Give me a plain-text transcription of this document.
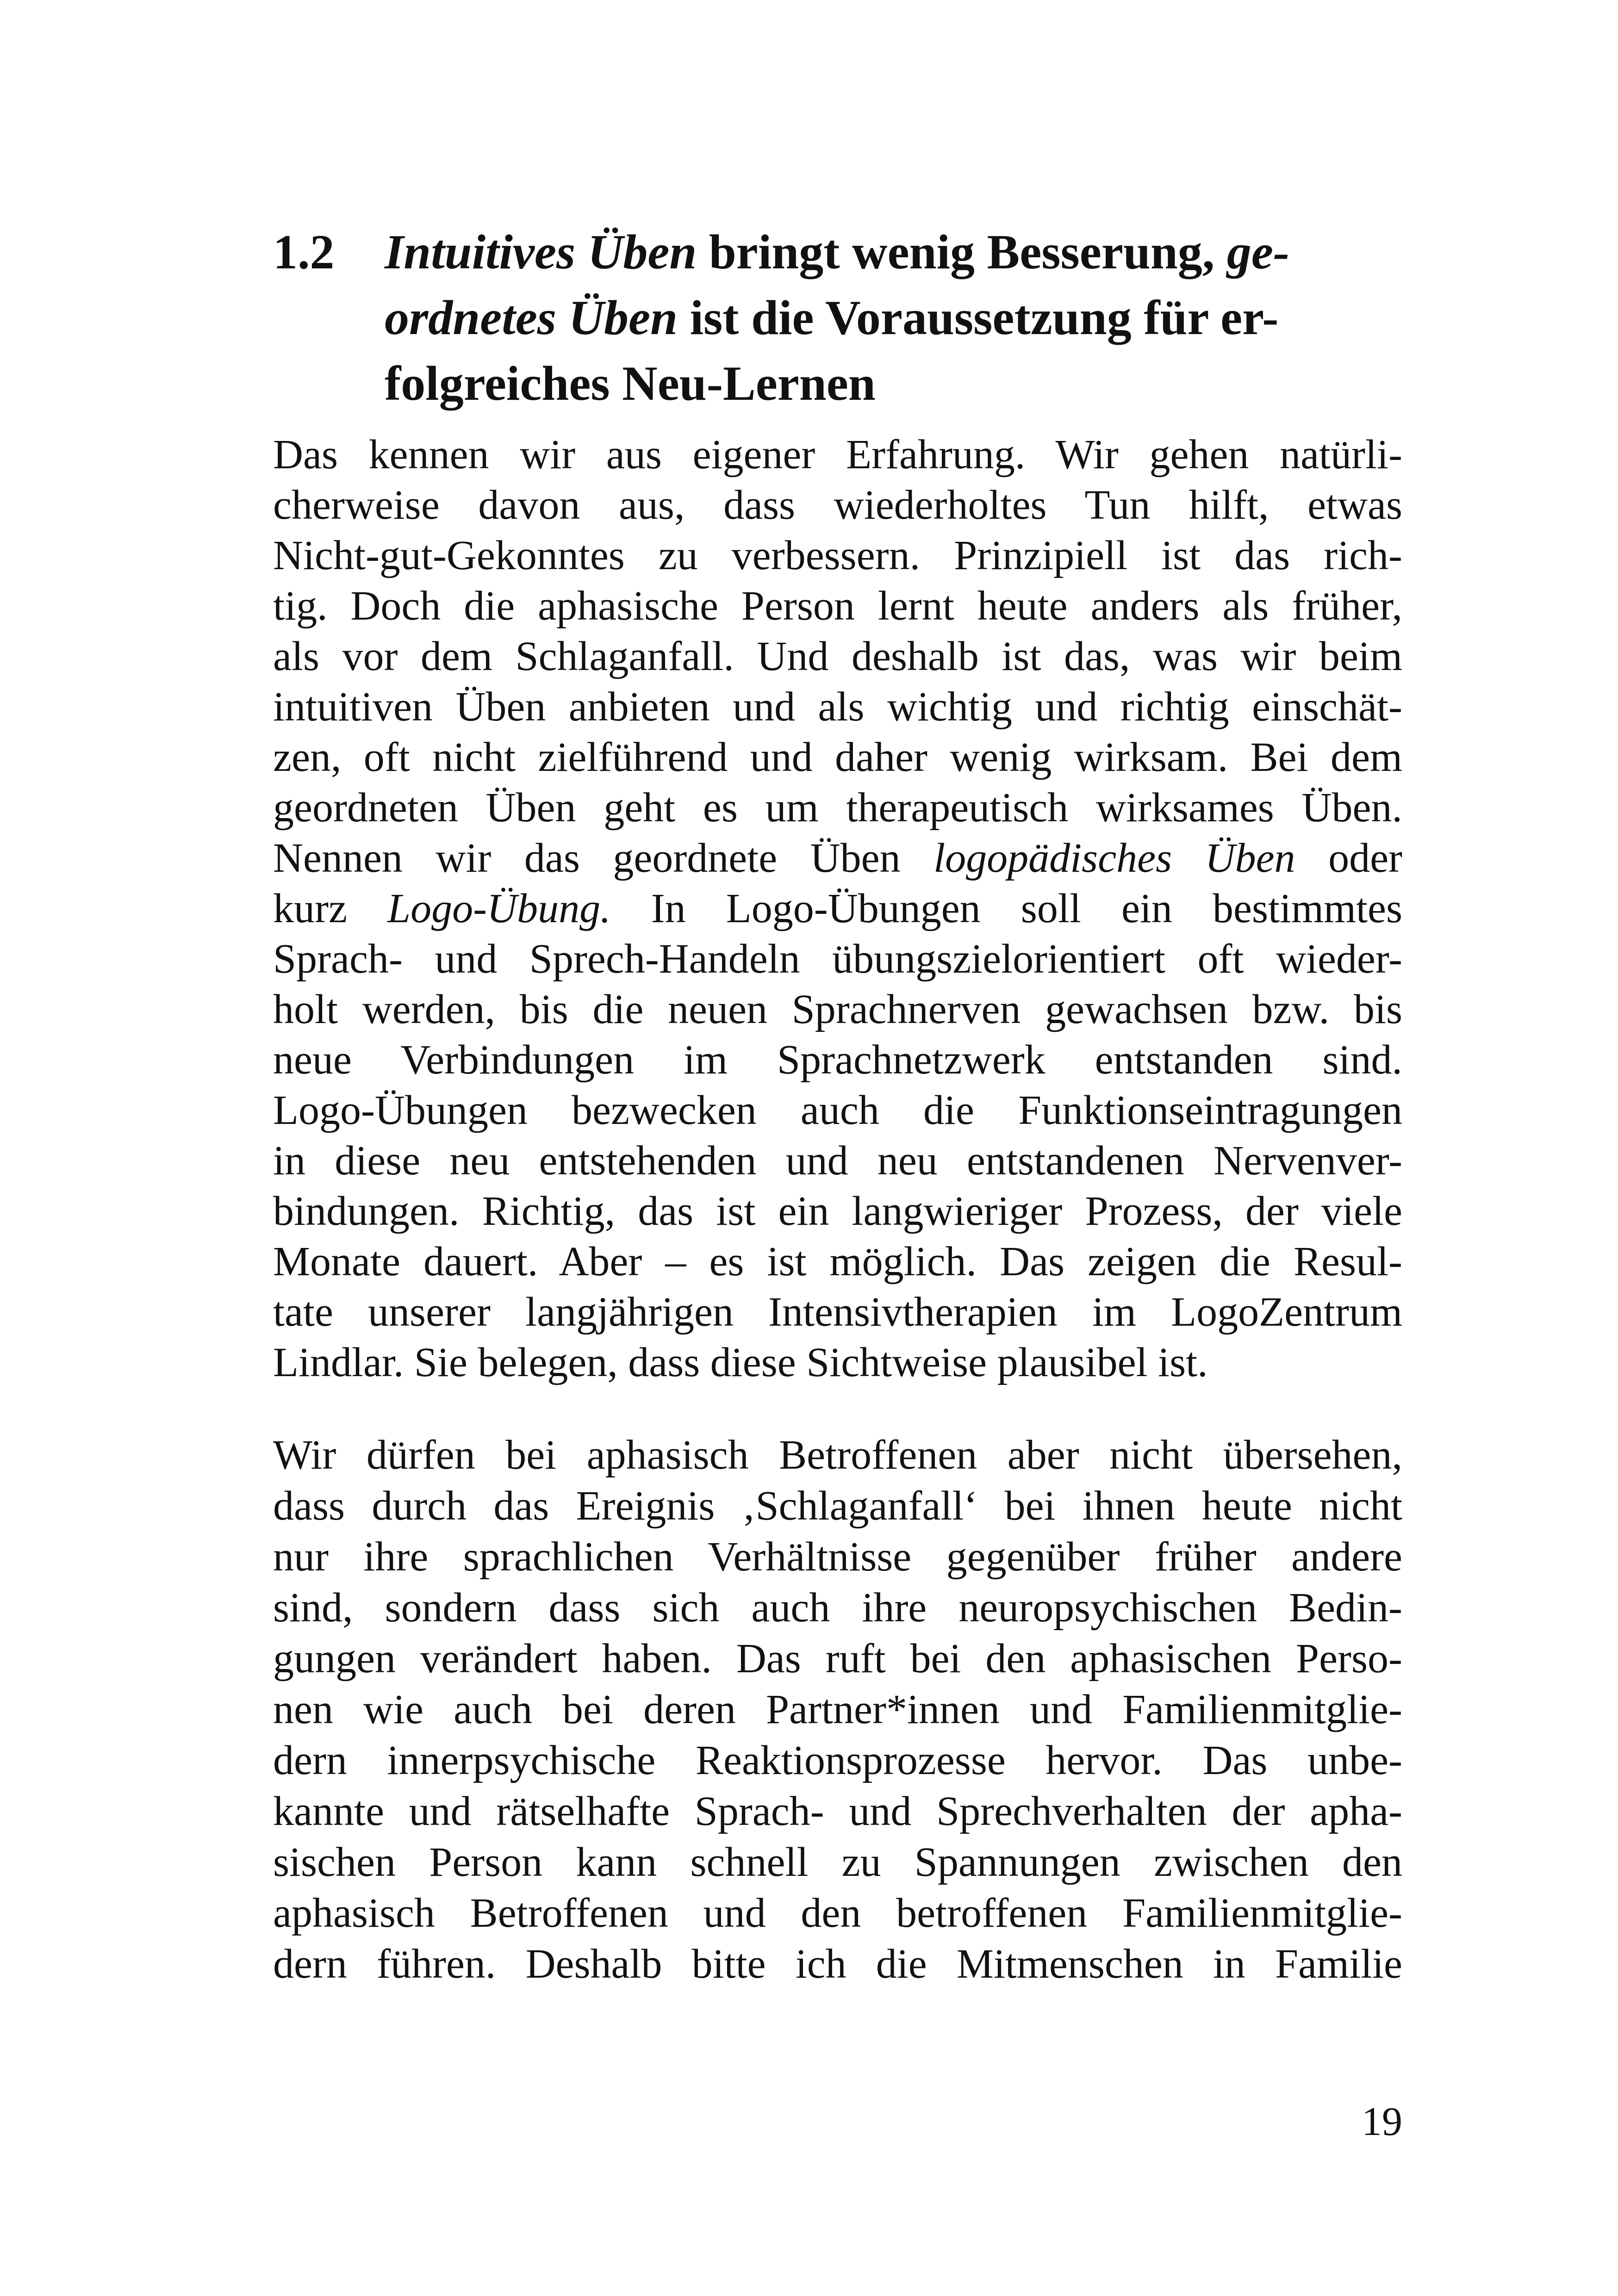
1.2 Intuitives Üben bringt wenig Besserung, ge-
ordnetes Üben ist die Voraussetzung für er-
folgreiches Neu-Lernen
Das kennen wir aus eigener Erfahrung. Wir gehen natürli-
cherweise davon aus, dass wiederholtes Tun hilft, etwas
Nicht-gut-Gekonntes zu verbessern. Prinzipiell ist das rich-
tig. Doch die aphasische Person lernt heute anders als früher,
als vor dem Schlaganfall. Und deshalb ist das, was wir beim
intuitiven Üben anbieten und als wichtig und richtig einschät-
zen, oft nicht zielführend und daher wenig wirksam. Bei dem
geordneten Üben geht es um therapeutisch wirksames Üben.
Nennen wir das geordnete Üben logopädisches Üben oder
kurz Logo-Übung. In Logo-Übungen soll ein bestimmtes
Sprach- und Sprech-Handeln übungszielorientiert oft wieder-
holt werden, bis die neuen Sprachnerven gewachsen bzw. bis
neue Verbindungen im Sprachnetzwerk entstanden sind.
Logo-Übungen bezwecken auch die Funktionseintragungen
in diese neu entstehenden und neu entstandenen Nervenver-
bindungen. Richtig, das ist ein langwieriger Prozess, der viele
Monate dauert. Aber – es ist möglich. Das zeigen die Resul-
tate unserer langjährigen Intensivtherapien im LogoZentrum
Lindlar. Sie belegen, dass diese Sichtweise plausibel ist.
Wir dürfen bei aphasisch Betroffenen aber nicht übersehen,
dass durch das Ereignis ‚Schlaganfall‘ bei ihnen heute nicht
nur ihre sprachlichen Verhältnisse gegenüber früher andere
sind, sondern dass sich auch ihre neuropsychischen Bedin-
gungen verändert haben. Das ruft bei den aphasischen Perso-
nen wie auch bei deren Partner*innen und Familienmitglie-
dern innerpsychische Reaktionsprozesse hervor. Das unbe-
kannte und rätselhafte Sprach- und Sprechverhalten der apha-
sischen Person kann schnell zu Spannungen zwischen den
aphasisch Betroffenen und den betroffenen Familienmitglie-
dern führen. Deshalb bitte ich die Mitmenschen in Familie
19
